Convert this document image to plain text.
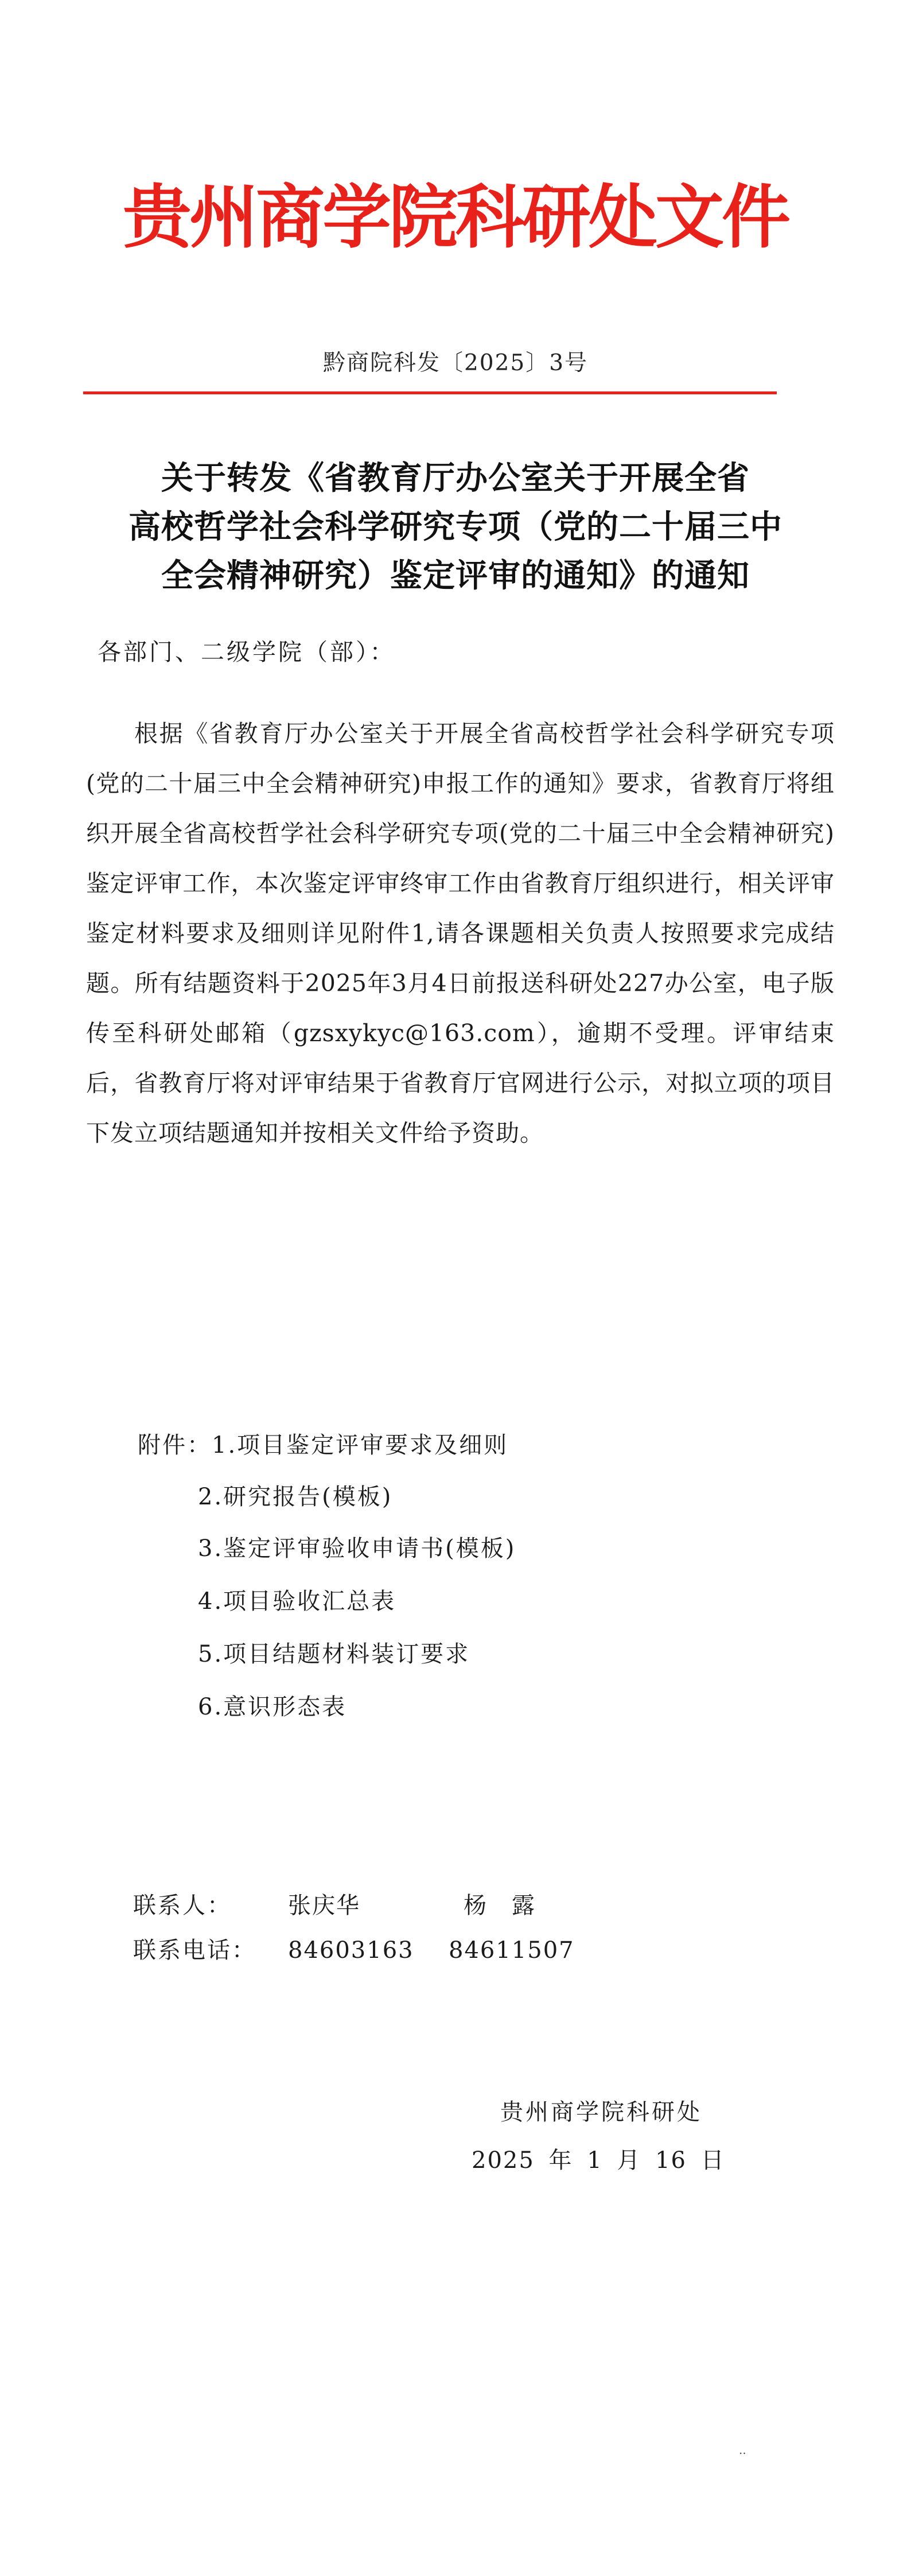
贵州商学院科研处文件
黔商院科发〔2025〕3号
关于转发《省教育厅办公室关于开展全省
高校哲学社会科学研究专项（党的二十届三中
全会精神研究）鉴定评审的通知》的通知
各部门、二级学院（部）：
根据《省教育厅办公室关于开展全省高校哲学社会科学研究专项(党的二十届三中全会精神研究)申报工作的通知》要求，省教育厅将组织开展全省高校哲学社会科学研究专项(党的二十届三中全会精神研究)鉴定评审工作，本次鉴定评审终审工作由省教育厅组织进行，相关评审鉴定材料要求及细则详见附件1,请各课题相关负责人按照要求完成结题。所有结题资料于2025年3月4日前报送科研处227办公室，电子版传至科研处邮箱（gzsxykyc@163.com），逾期不受理。评审结束后，省教育厅将对评审结果于省教育厅官网进行公示，对拟立项的项目下发立项结题通知并按相关文件给予资助。
附件：1.项目鉴定评审要求及细则
2.研究报告(模板)
3.鉴定评审验收申请书(模板)
4.项目验收汇总表
5.项目结题材料装订要求
6.意识形态表
联系人： 张庆华	杨　露
联系电话： 84603163 84611507
贵州商学院科研处
2025 年 1 月 16 日
··
